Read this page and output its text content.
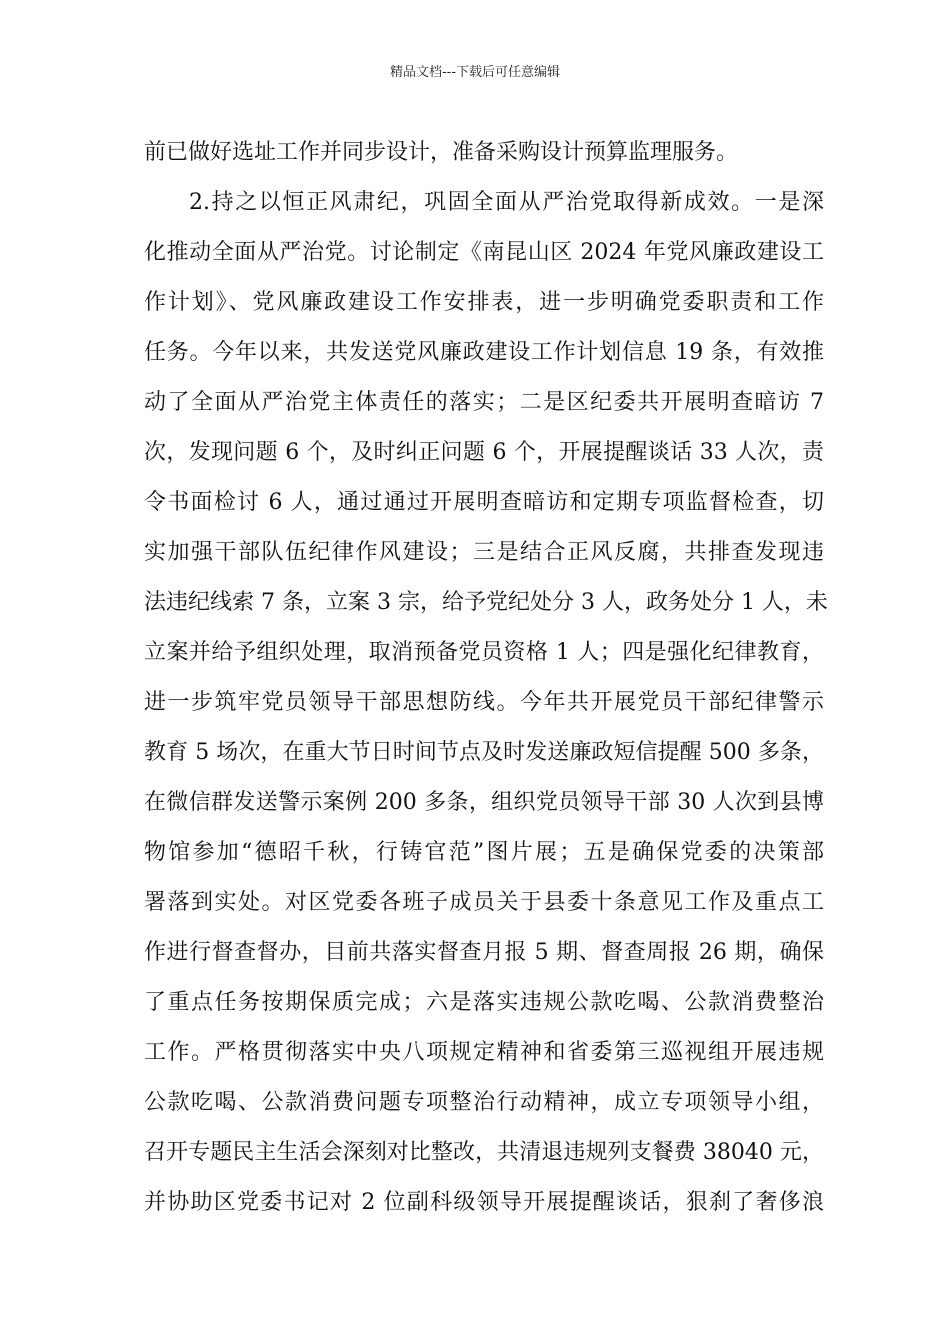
精品文档---下载后可任意编辑
前已做好选址工作并同步设计，准备采购设计预算监理服务。
2.持之以恒正风肃纪，巩固全面从严治党取得新成效。一是深
化推动全面从严治党。讨论制定《南昆山区 2024 年党风廉政建设工
作计划》、党风廉政建设工作安排表，进一步明确党委职责和工作
任务。今年以来，共发送党风廉政建设工作计划信息 19 条，有效推
动了全面从严治党主体责任的落实；二是区纪委共开展明查暗访 7
次，发现问题 6 个，及时纠正问题 6 个，开展提醒谈话 33 人次，责
令书面检讨 6 人，通过通过开展明查暗访和定期专项监督检查，切
实加强干部队伍纪律作风建设；三是结合正风反腐，共排查发现违
法违纪线索 7 条，立案 3 宗，给予党纪处分 3 人，政务处分 1 人，未
立案并给予组织处理，取消预备党员资格 1 人；四是强化纪律教育，
进一步筑牢党员领导干部思想防线。今年共开展党员干部纪律警示
教育 5 场次，在重大节日时间节点及时发送廉政短信提醒 500 多条，
在微信群发送警示案例 200 多条，组织党员领导干部 30 人次到县博
物馆参加“德昭千秋，行铸官范”图片展；五是确保党委的决策部
署落到实处。对区党委各班子成员关于县委十条意见工作及重点工
作进行督查督办，目前共落实督查月报 5 期、督查周报 26 期，确保
了重点任务按期保质完成；六是落实违规公款吃喝、公款消费整治
工作。严格贯彻落实中央八项规定精神和省委第三巡视组开展违规
公款吃喝、公款消费问题专项整治行动精神，成立专项领导小组，
召开专题民主生活会深刻对比整改，共清退违规列支餐费 38040 元，
并协助区党委书记对 2 位副科级领导开展提醒谈话，狠刹了奢侈浪
